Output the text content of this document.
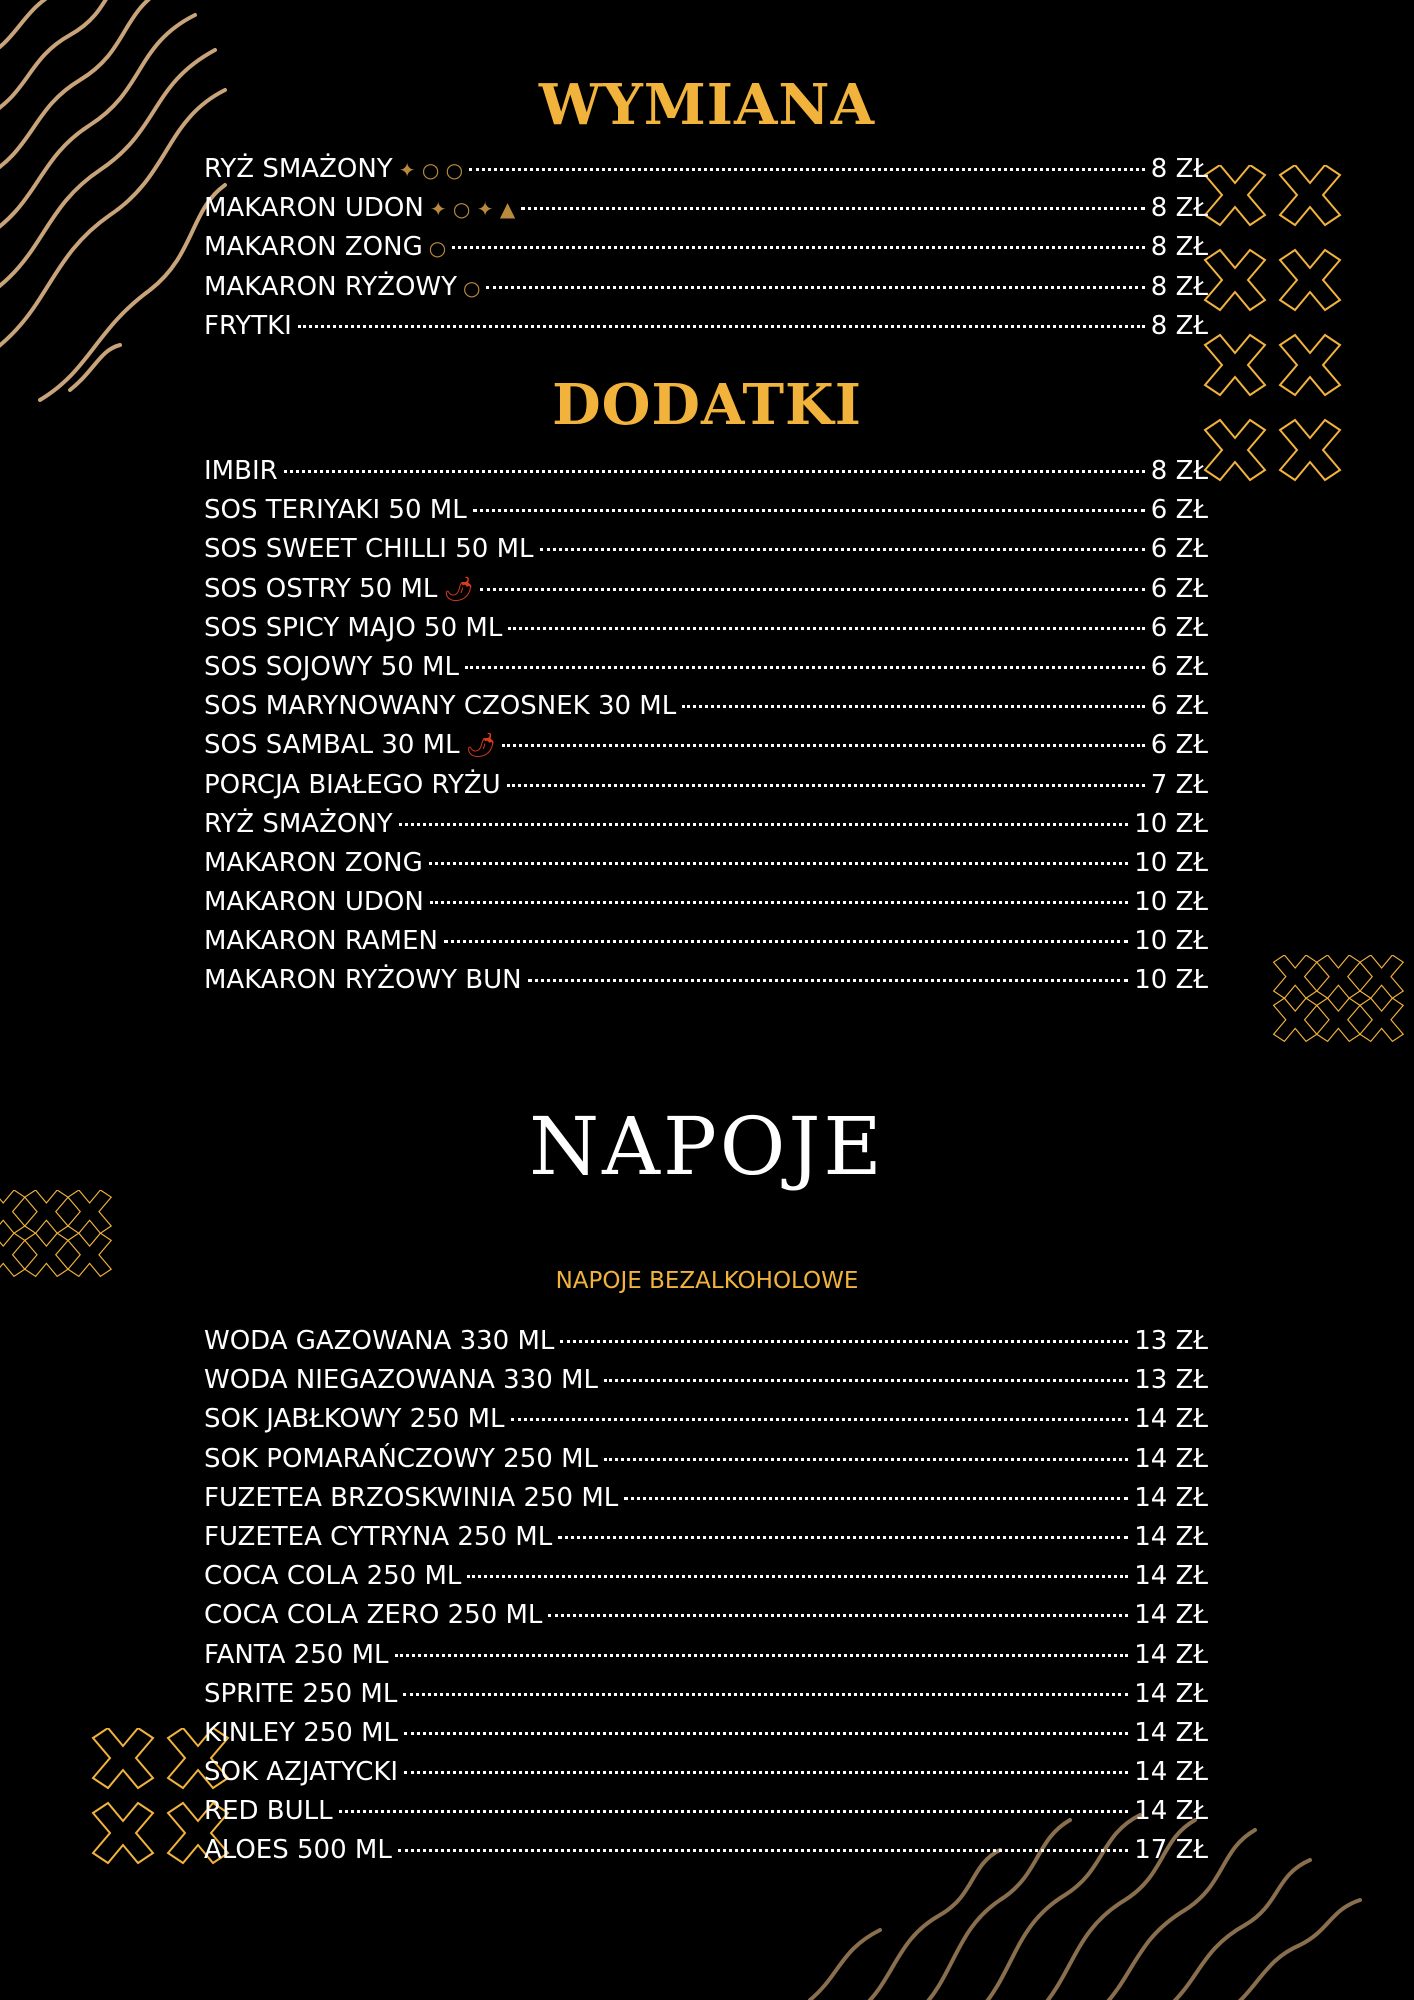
WYMIANA
DODATKI
NAPOJE
NAPOJE BEZALKOHOLOWE
RYŻ SMAŻONY ✦ ○ ○	8 ZŁ
MAKARON UDON ✦ ○ ✦ ▲	8 ZŁ
MAKARON ZONG ○	8 ZŁ
MAKARON RYŻOWY ○	8 ZŁ
FRYTKI	8 ZŁ
IMBIR	8 ZŁ
SOS TERIYAKI 50 ML	6 ZŁ
SOS SWEET CHILLI 50 ML	6 ZŁ
SOS OSTRY 50 ML 🌶	6 ZŁ
SOS SPICY MAJO 50 ML	6 ZŁ
SOS SOJOWY 50 ML	6 ZŁ
SOS MARYNOWANY CZOSNEK 30 ML	6 ZŁ
SOS SAMBAL 30 ML 🌶	6 ZŁ
PORCJA BIAŁEGO RYŻU	7 ZŁ
RYŻ SMAŻONY	10 ZŁ
MAKARON ZONG	10 ZŁ
MAKARON UDON	10 ZŁ
MAKARON RAMEN	10 ZŁ
MAKARON RYŻOWY BUN	10 ZŁ
WODA GAZOWANA 330 ML	13 ZŁ
WODA NIEGAZOWANA 330 ML	13 ZŁ
SOK JABŁKOWY 250 ML	14 ZŁ
SOK POMARAŃCZOWY 250 ML	14 ZŁ
FUZETEA BRZOSKWINIA 250 ML	14 ZŁ
FUZETEA CYTRYNA 250 ML	14 ZŁ
COCA COLA 250 ML	14 ZŁ
COCA COLA ZERO 250 ML	14 ZŁ
FANTA 250 ML	14 ZŁ
SPRITE 250 ML	14 ZŁ
KINLEY 250 ML	14 ZŁ
SOK AZJATYCKI	14 ZŁ
RED BULL	14 ZŁ
ALOES 500 ML	17 ZŁ
